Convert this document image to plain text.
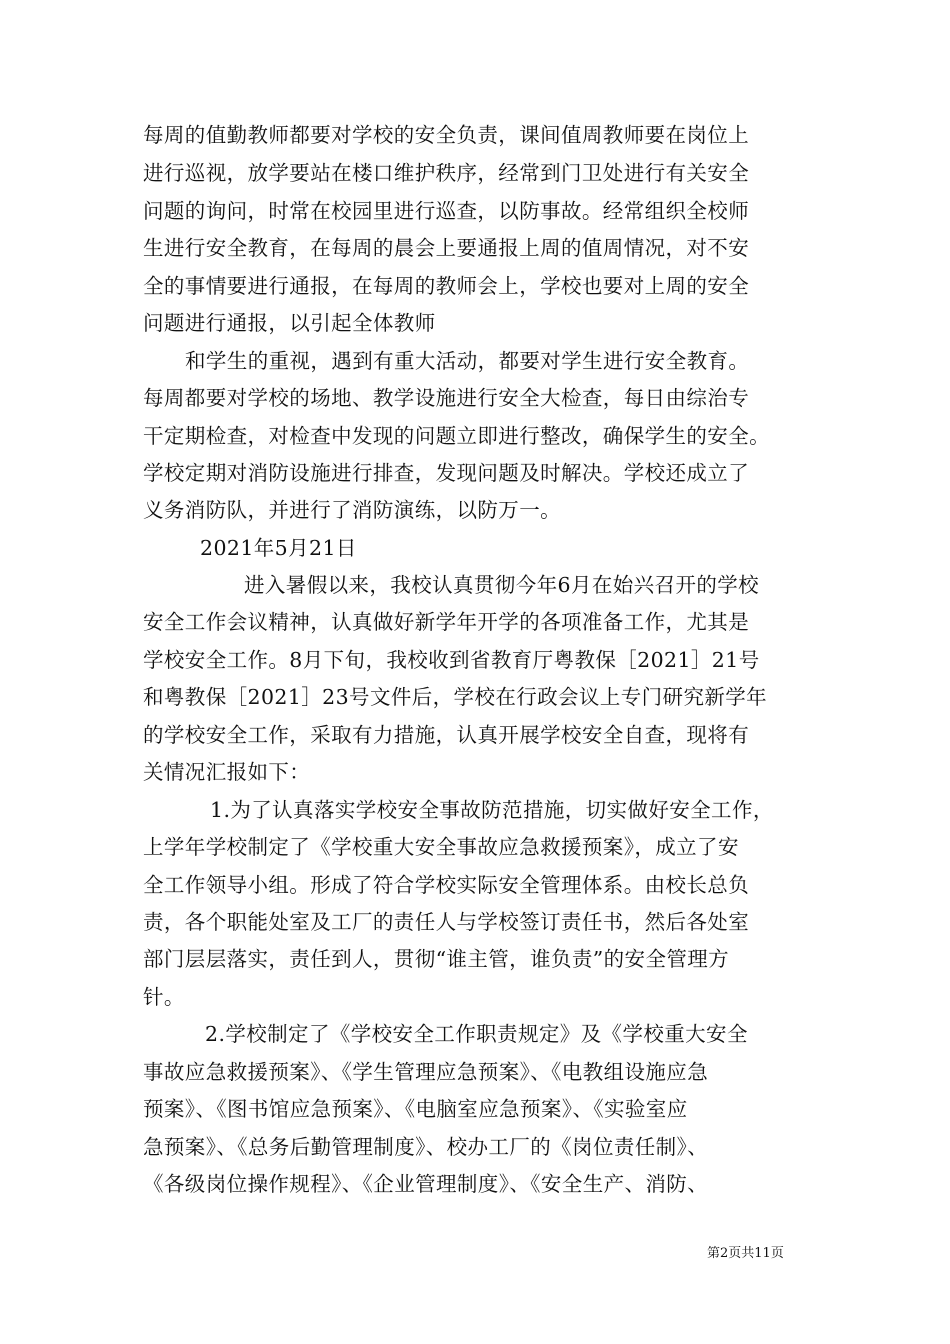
每周的值勤教师都要对学校的安全负责，课间值周教师要在岗位上
进行巡视，放学要站在楼口维护秩序，经常到门卫处进行有关安全
问题的询问，时常在校园里进行巡查，以防事故。经常组织全校师
生进行安全教育，在每周的晨会上要通报上周的值周情况，对不安
全的事情要进行通报，在每周的教师会上，学校也要对上周的安全
问题进行通报，以引起全体教师
和学生的重视，遇到有重大活动，都要对学生进行安全教育。
每周都要对学校的场地、教学设施进行安全大检查，每日由综治专
干定期检查，对检查中发现的问题立即进行整改，确保学生的安全。
学校定期对消防设施进行排查，发现问题及时解决。学校还成立了
义务消防队，并进行了消防演练，以防万一。
2021年5月21日
进入暑假以来，我校认真贯彻今年6月在始兴召开的学校
安全工作会议精神，认真做好新学年开学的各项准备工作，尤其是
学校安全工作。8月下旬，我校收到省教育厅粤教保［2021］21号
和粤教保［2021］23号文件后，学校在行政会议上专门研究新学年
的学校安全工作，采取有力措施，认真开展学校安全自查，现将有
关情况汇报如下：
1.为了认真落实学校安全事故防范措施，切实做好安全工作，
上学年学校制定了《学校重大安全事故应急救援预案》，成立了安
全工作领导小组。形成了符合学校实际安全管理体系。由校长总负
责，各个职能处室及工厂的责任人与学校签订责任书，然后各处室
部门层层落实，责任到人，贯彻“谁主管，谁负责”的安全管理方
针。
2.学校制定了《学校安全工作职责规定》及《学校重大安全
事故应急救援预案》、《学生管理应急预案》、《电教组设施应急
预案》、《图书馆应急预案》、《电脑室应急预案》、《实验室应
急预案》、《总务后勤管理制度》、校办工厂的《岗位责任制》、
《各级岗位操作规程》、《企业管理制度》、《安全生产、消防、
第2页共11页
